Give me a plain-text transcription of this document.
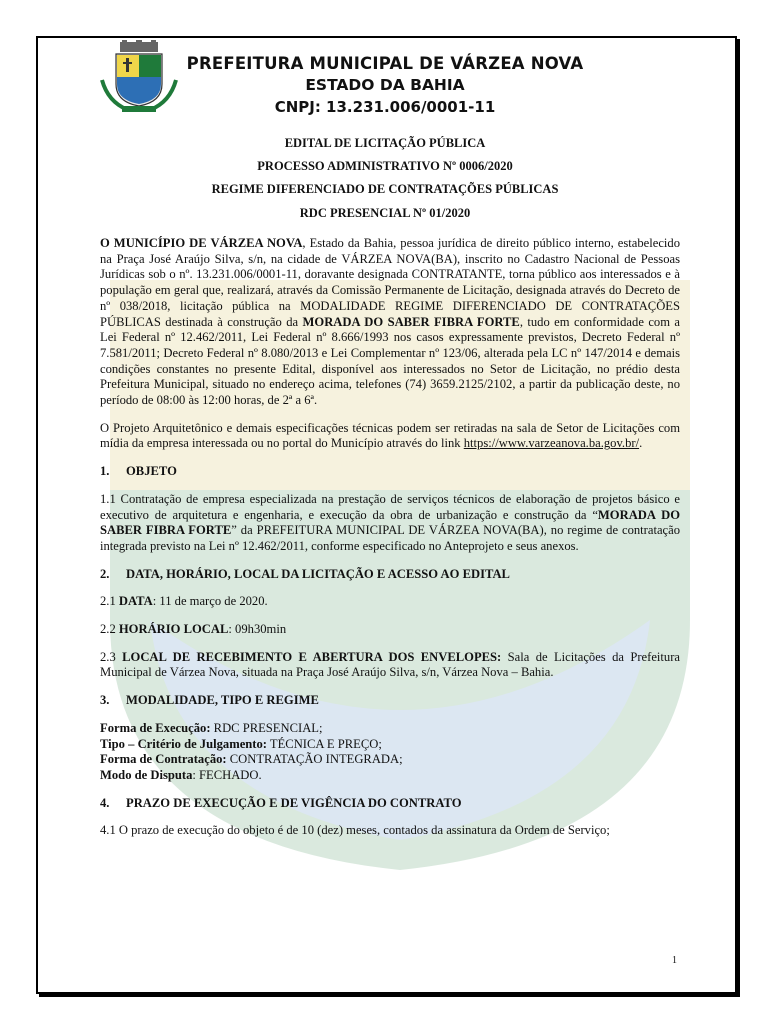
PREFEITURA MUNICIPAL DE VÁRZEA NOVA
ESTADO DA BAHIA
CNPJ: 13.231.006/0001-11
EDITAL DE LICITAÇÃO PÚBLICA
PROCESSO ADMINISTRATIVO Nº 0006/2020
REGIME DIFERENCIADO DE CONTRATAÇÕES PÚBLICAS
RDC PRESENCIAL Nº 01/2020

O MUNICÍPIO DE VÁRZEA NOVA, Estado da Bahia, pessoa jurídica de direito público interno, estabelecido na Praça José Araújo Silva, s/n, na cidade de VÁRZEA NOVA(BA), inscrito no Cadastro Nacional de Pessoas Jurídicas sob o nº. 13.231.006/0001-11, doravante designada CONTRATANTE, torna público aos interessados e à população em geral que, realizará, através da Comissão Permanente de Licitação, designada através do Decreto de nº 038/2018, licitação pública na MODALIDADE REGIME DIFERENCIADO DE CONTRATAÇÕES PÚBLICAS destinada à construção da MORADA DO SABER FIBRA FORTE, tudo em conformidade com a Lei Federal nº 12.462/2011, Lei Federal nº 8.666/1993 nos casos expressamente previstos, Decreto Federal nº 7.581/2011; Decreto Federal nº 8.080/2013 e Lei Complementar nº 123/06, alterada pela LC nº 147/2014 e demais condições constantes no presente Edital, disponível aos interessados no Setor de Licitação, no prédio desta Prefeitura Municipal, situado no endereço acima, telefones (74) 3659.2125/2102, a partir da publicação deste, no período de 08:00 às 12:00 horas, de 2ª a 6ª.

O Projeto Arquitetônico e demais especificações técnicas podem ser retiradas na sala de Setor de Licitações com mídia da empresa interessada ou no portal do Município através do link https://www.varzeanova.ba.gov.br/.

1. OBJETO

1.1 Contratação de empresa especializada na prestação de serviços técnicos de elaboração de projetos básico e executivo de arquitetura e engenharia, e execução da obra de urbanização e construção da “MORADA DO SABER FIBRA FORTE” da PREFEITURA MUNICIPAL DE VÁRZEA NOVA(BA), no regime de contratação integrada previsto na Lei nº 12.462/2011, conforme especificado no Anteprojeto e seus anexos.

2. DATA, HORÁRIO, LOCAL DA LICITAÇÃO E ACESSO AO EDITAL

2.1 DATA: 11 de março de 2020.

2.2 HORÁRIO LOCAL: 09h30min

2.3 LOCAL DE RECEBIMENTO E ABERTURA DOS ENVELOPES: Sala de Licitações da Prefeitura Municipal de Várzea Nova, situada na Praça José Araújo Silva, s/n, Várzea Nova – Bahia.

3. MODALIDADE, TIPO E REGIME

Forma de Execução: RDC PRESENCIAL;

Tipo – Critério de Julgamento: TÉCNICA E PREÇO;

Forma de Contratação: CONTRATAÇÃO INTEGRADA;

Modo de Disputa: FECHADO.

4. PRAZO DE EXECUÇÃO E DE VIGÊNCIA DO CONTRATO

4.1 O prazo de execução do objeto é de 10 (dez) meses, contados da assinatura da Ordem de Serviço;

1
